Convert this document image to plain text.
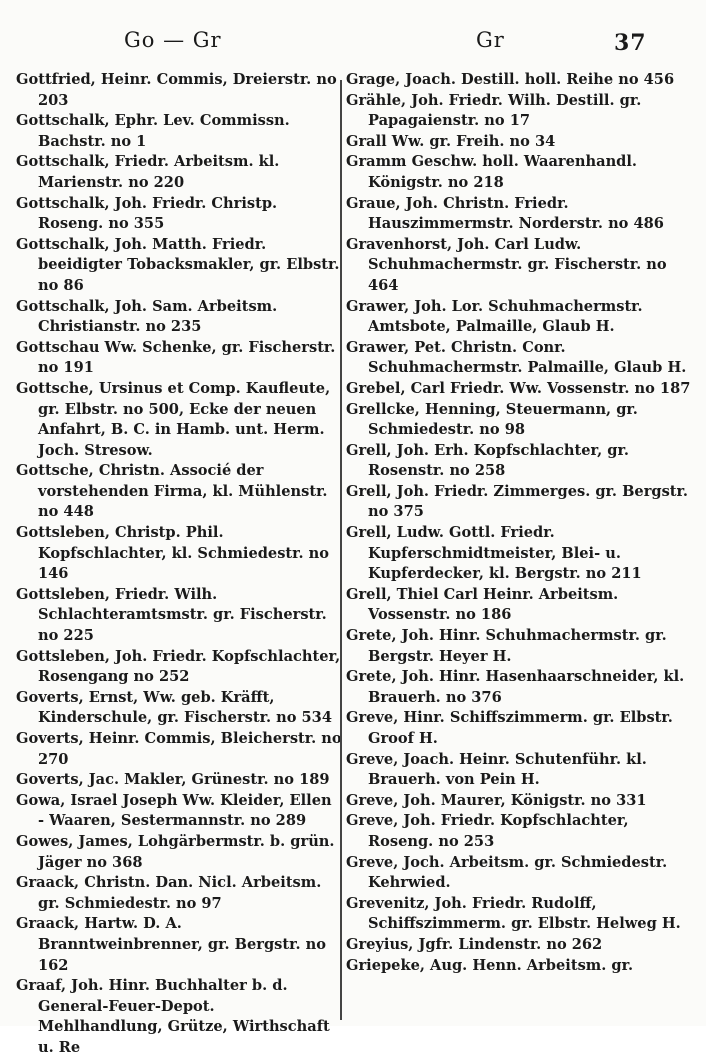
Go — Gr	Gr	37

Gottfried, Heinr. Commis, Dreierstr. no 203

Gottschalk, Ephr. Lev. Commissn. Bachstr. no 1

Gottschalk, Friedr. Arbeitsm. kl. Marienstr. no 220

Gottschalk, Joh. Friedr. Christp. Roseng. no 355

Gottschalk, Joh. Matth. Friedr. beeidigter Tobacksmakler, gr. Elbstr. no 86

Gottschalk, Joh. Sam. Arbeitsm. Christianstr. no 235

Gottschau Ww. Schenke, gr. Fischerstr. no 191

Gottsche, Ursinus et Comp. Kaufleute, gr. Elbstr. no 500, Ecke der neuen Anfahrt, B. C. in Hamb. unt. Herm. Joch. Stresow.

Gottsche, Christn. Associé der vorstehenden Firma, kl. Mühlenstr. no 448

Gottsleben, Christp. Phil. Kopfschlachter, kl. Schmiedestr. no 146

Gottsleben, Friedr. Wilh. Schlachteramtsmstr. gr. Fischerstr. no 225

Gottsleben, Joh. Friedr. Kopfschlachter, Rosengang no 252

Goverts, Ernst, Ww. geb. Kräfft, Kinderschule, gr. Fischerstr. no 534

Goverts, Heinr. Commis, Bleicherstr. no 270

Goverts, Jac. Makler, Grünestr. no 189

Gowa, Israel Joseph Ww. Kleider, Ellen - Waaren, Sestermannstr. no 289

Gowes, James, Lohgärbermstr. b. grün. Jäger no 368

Graack, Christn. Dan. Nicl. Arbeitsm. gr. Schmiedestr. no 97

Graack, Hartw. D. A. Branntweinbrenner, gr. Bergstr. no 162

Graaf, Joh. Hinr. Buchhalter b. d. General-Feuer-Depot. Mehlhandlung, Grütze, Wirthschaft u. Re

Grage, Joach. Destill. holl. Reihe no 456

Grähle, Joh. Friedr. Wilh. Destill. gr. Papagaienstr. no 17

Grall Ww. gr. Freih. no 34

Gramm Geschw. holl. Waarenhandl. Königstr. no 218

Graue, Joh. Christn. Friedr. Hauszimmermstr. Norderstr. no 486

Gravenhorst, Joh. Carl Ludw. Schuhmachermstr. gr. Fischerstr. no 464

Grawer, Joh. Lor. Schuhmachermstr. Amtsbote, Palmaille, Glaub H.

Grawer, Pet. Christn. Conr. Schuhmachermstr. Palmaille, Glaub H.

Grebel, Carl Friedr. Ww. Vossenstr. no 187

Grellcke, Henning, Steuermann, gr. Schmiedestr. no 98

Grell, Joh. Erh. Kopfschlachter, gr. Rosenstr. no 258

Grell, Joh. Friedr. Zimmerges. gr. Bergstr. no 375

Grell, Ludw. Gottl. Friedr. Kupferschmidtmeister, Blei- u. Kupferdecker, kl. Bergstr. no 211

Grell, Thiel Carl Heinr. Arbeitsm. Vossenstr. no 186

Grete, Joh. Hinr. Schuhmachermstr. gr. Bergstr. Heyer H.

Grete, Joh. Hinr. Hasenhaarschneider, kl. Brauerh. no 376

Greve, Hinr. Schiffszimmerm. gr. Elbstr. Groof H.

Greve, Joach. Heinr. Schutenführ. kl. Brauerh. von Pein H.

Greve, Joh. Maurer, Königstr. no 331

Greve, Joh. Friedr. Kopfschlachter, Roseng. no 253

Greve, Joch. Arbeitsm. gr. Schmiedestr. Kehrwied.

Grevenitz, Joh. Friedr. Rudolff, Schiffszimmerm. gr. Elbstr. Helweg H.

Greyius, Jgfr. Lindenstr. no 262

Griepeke, Aug. Henn. Arbeitsm. gr.
